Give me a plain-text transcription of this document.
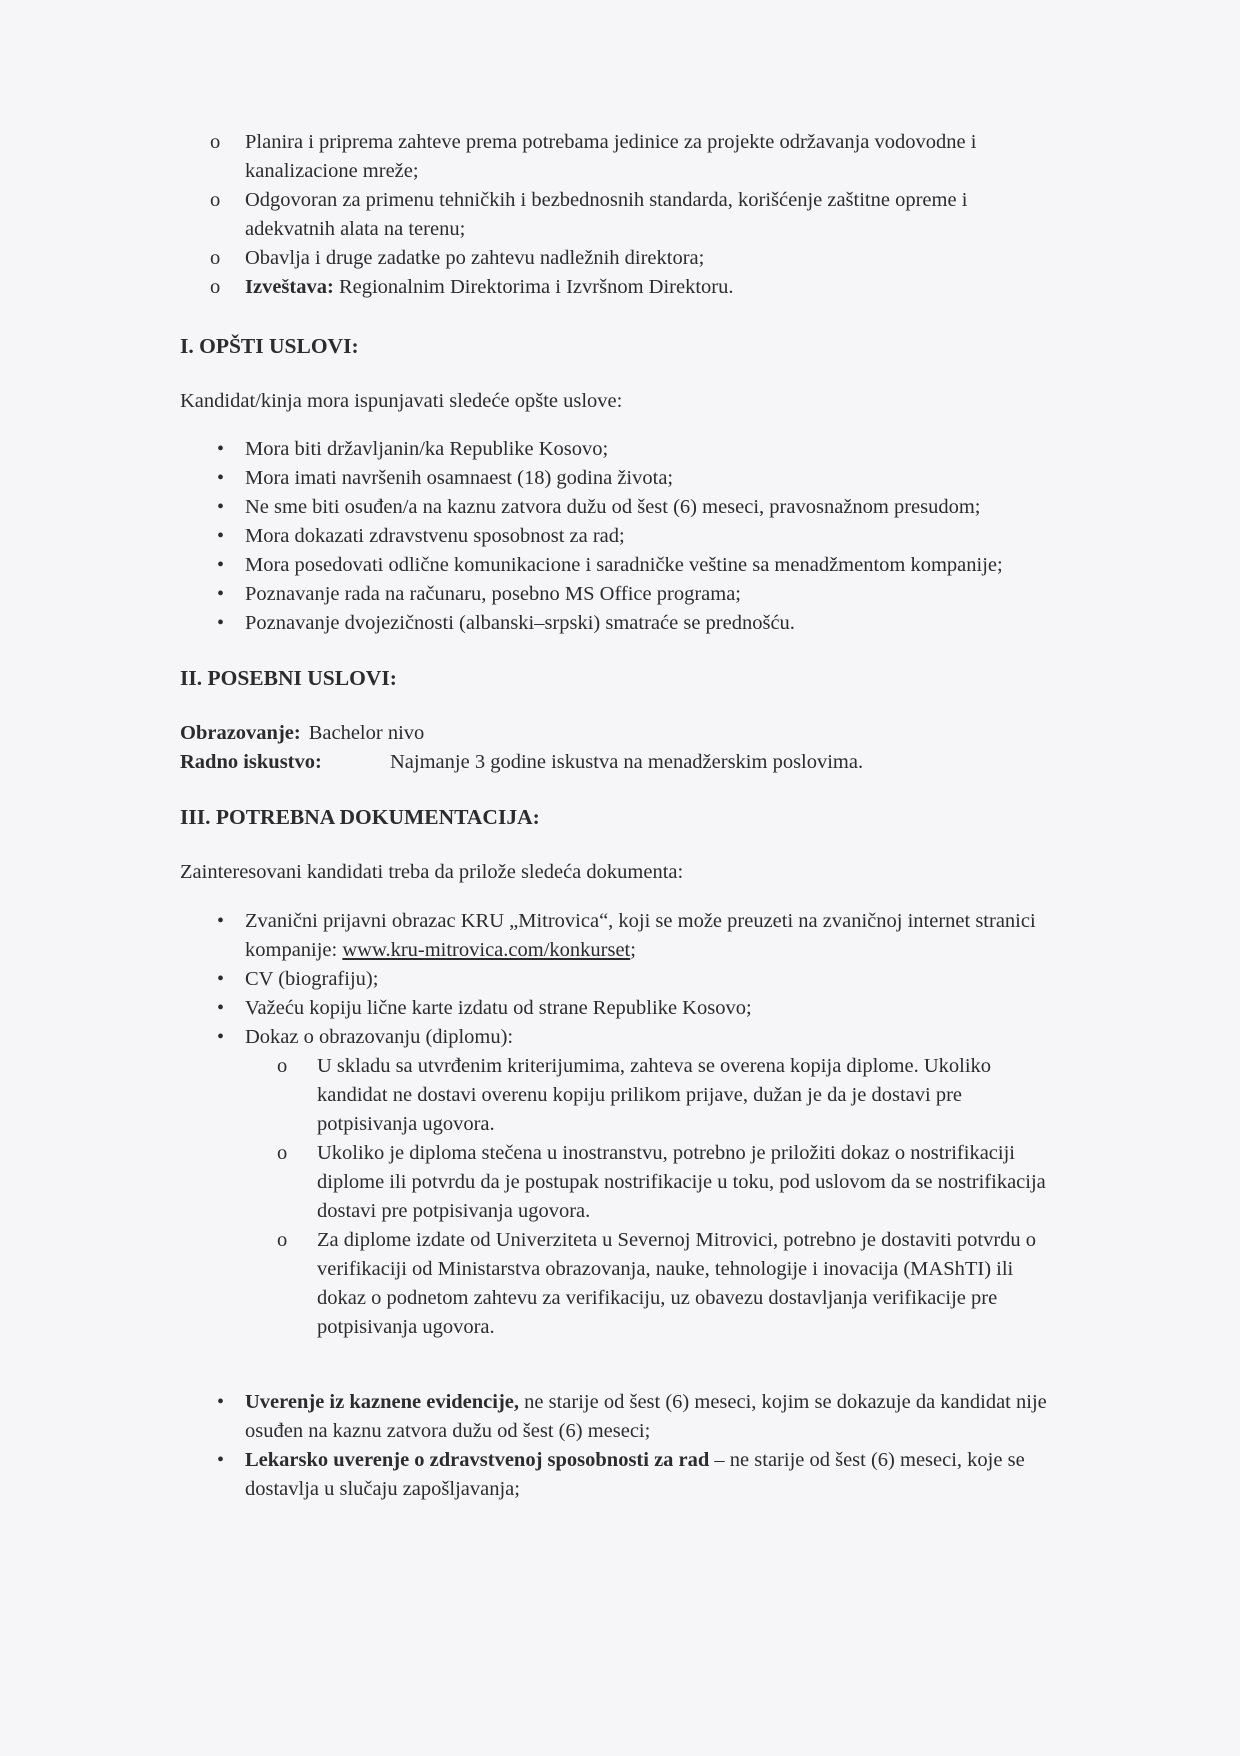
o Planira i priprema zahteve prema potrebama jedinice za projekte održavanja vodovodne i kanalizacione mreže;
o Odgovoran za primenu tehničkih i bezbednosnih standarda, korišćenje zaštitne opreme i adekvatnih alata na terenu;
o Obavlja i druge zadatke po zahtevu nadležnih direktora;
o Izveštava: Regionalnim Direktorima i Izvršnom Direktoru.

I. OPŠTI USLOVI:

Kandidat/kinja mora ispunjavati sledeće opšte uslove:

• Mora biti državljanin/ka Republike Kosovo;
• Mora imati navršenih osamnaest (18) godina života;
• Ne sme biti osuđen/a na kaznu zatvora dužu od šest (6) meseci, pravosnažnom presudom;
• Mora dokazati zdravstvenu sposobnost za rad;
• Mora posedovati odlične komunikacione i saradničke veštine sa menadžmentom kompanije;
• Poznavanje rada na računaru, posebno MS Office programa;
• Poznavanje dvojezičnosti (albanski–srpski) smatraće se prednošću.

II. POSEBNI USLOVI:

Obrazovanje: Bachelor nivo
Radno iskustvo:	Najmanje 3 godine iskustva na menadžerskim poslovima.

III. POTREBNA DOKUMENTACIJA:

Zainteresovani kandidati treba da prilože sledeća dokumenta:

• Zvanični prijavni obrazac KRU „Mitrovica“, koji se može preuzeti na zvaničnoj internet stranici kompanije: www.kru-mitrovica.com/konkurset;
• CV (biografiju);
• Važeću kopiju lične karte izdatu od strane Republike Kosovo;
• Dokaz o obrazovanju (diplomu):
o U skladu sa utvrđenim kriterijumima, zahteva se overena kopija diplome. Ukoliko kandidat ne dostavi overenu kopiju prilikom prijave, dužan je da je dostavi pre potpisivanja ugovora.
o Ukoliko je diploma stečena u inostranstvu, potrebno je priložiti dokaz o nostrifikaciji diplome ili potvrdu da je postupak nostrifikacije u toku, pod uslovom da se nostrifikacija dostavi pre potpisivanja ugovora.
o Za diplome izdate od Univerziteta u Severnoj Mitrovici, potrebno je dostaviti potvrdu o verifikaciji od Ministarstva obrazovanja, nauke, tehnologije i inovacija (MAShTI) ili dokaz o podnetom zahtevu za verifikaciju, uz obavezu dostavljanja verifikacije pre potpisivanja ugovora.
• Uverenje iz kaznene evidencije, ne starije od šest (6) meseci, kojim se dokazuje da kandidat nije osuđen na kaznu zatvora dužu od šest (6) meseci;
• Lekarsko uverenje o zdravstvenoj sposobnosti za rad – ne starije od šest (6) meseci, koje se dostavlja u slučaju zapošljavanja;
